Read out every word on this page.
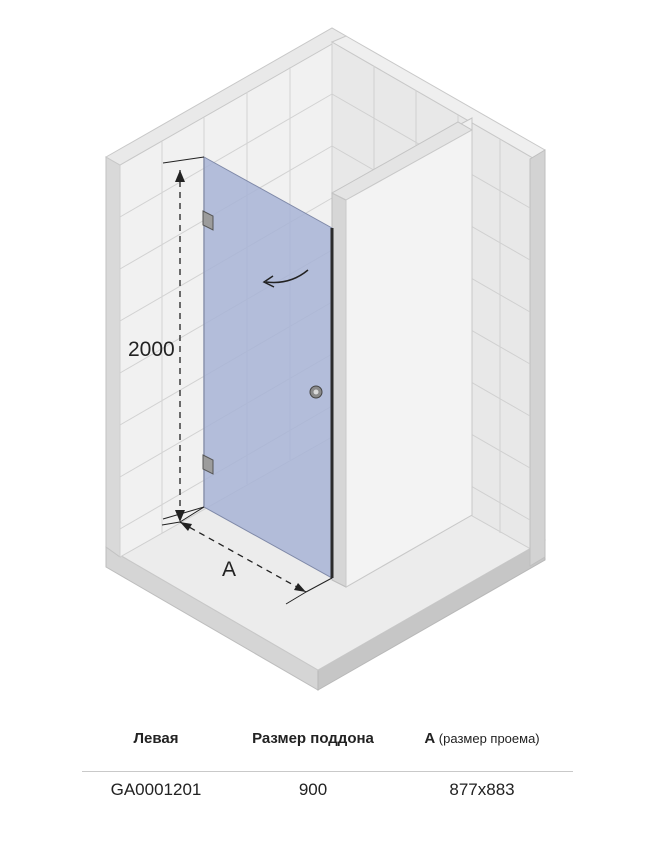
2000
A
Левая	Размер поддона	A (размер проема)
GA0001201	900	877x883
